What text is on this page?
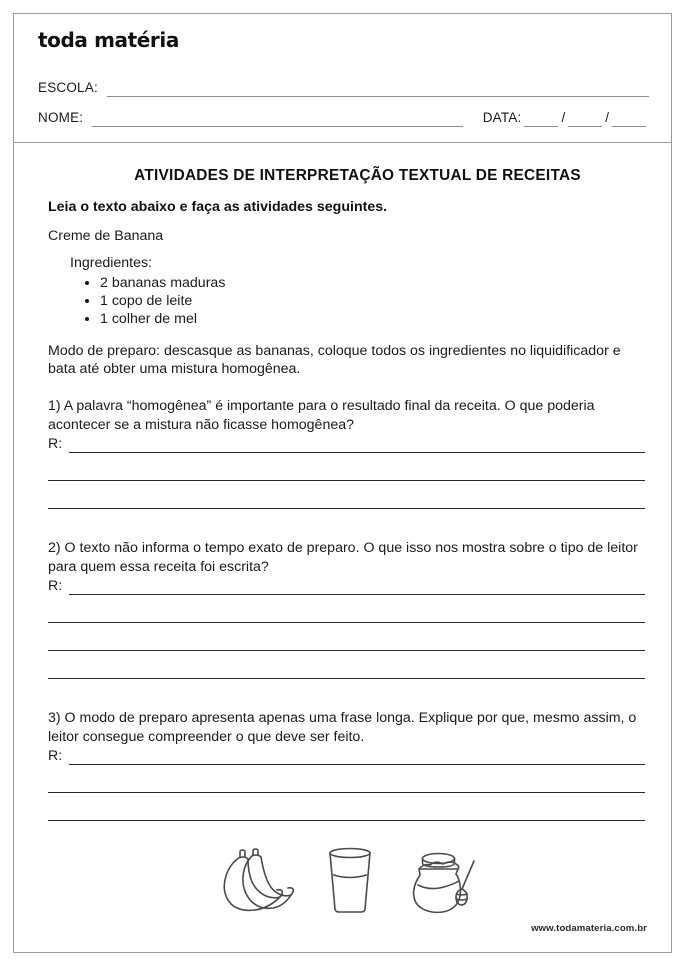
toda matéria
ESCOLA:
NOME:	DATA:	/	/
ATIVIDADES DE INTERPRETAÇÃO TEXTUAL DE RECEITAS
Leia o texto abaixo e faça as atividades seguintes.
Creme de Banana
Ingredientes:
• 2 bananas maduras
• 1 copo de leite
• 1 colher de mel
Modo de preparo: descasque as bananas, coloque todos os ingredientes no liquidificador e bata até obter uma mistura homogênea.
1) A palavra “homogênea” é importante para o resultado final da receita. O que poderia acontecer se a mistura não ficasse homogênea?
R:
2) O texto não informa o tempo exato de preparo. O que isso nos mostra sobre o tipo de leitor para quem essa receita foi escrita?
R:
3) O modo de preparo apresenta apenas uma frase longa. Explique por que, mesmo assim, o leitor consegue compreender o que deve ser feito.
R:
www.todamateria.com.br
